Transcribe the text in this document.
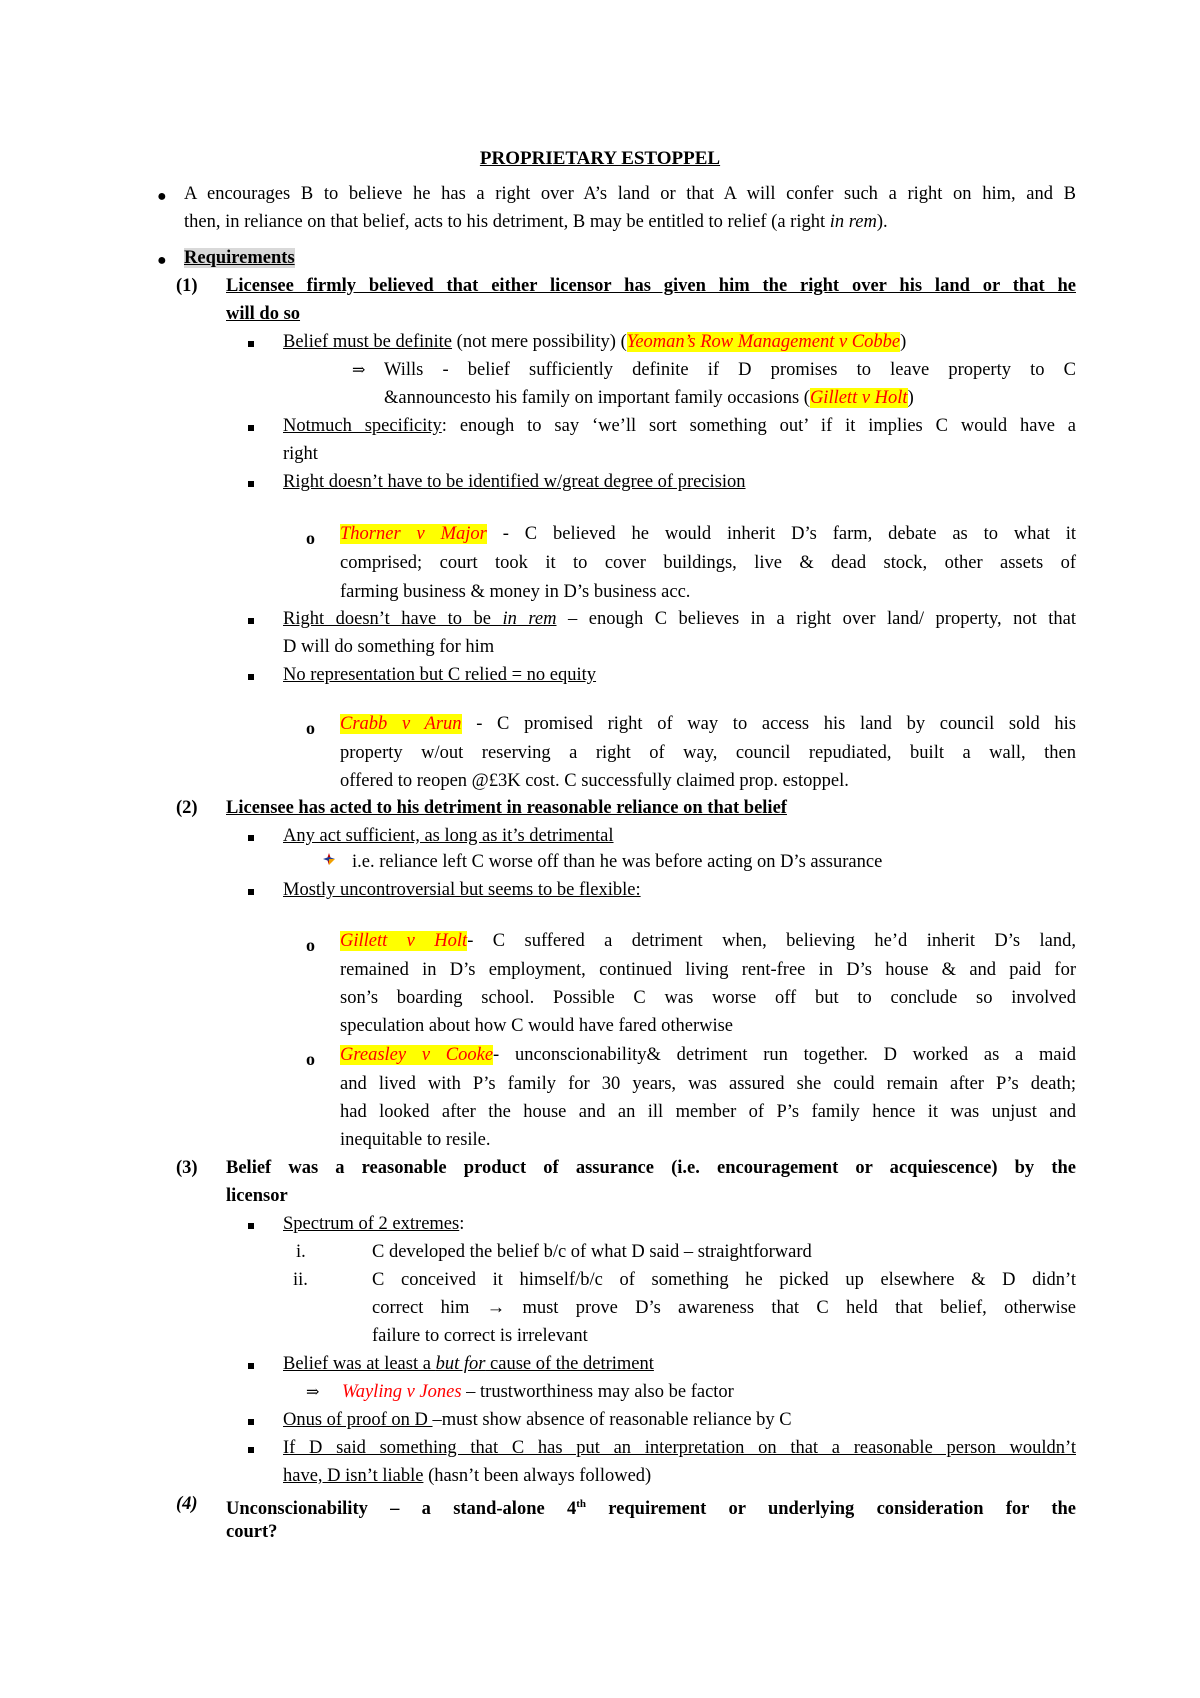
PROPRIETARY ESTOPPEL
● A encourages B to believe he has a right over A’s land or that A will confer such a right on him, and B
then, in reliance on that belief, acts to his detriment, B may be entitled to relief (a right in rem).
● Requirements
(1) Licensee firmly believed that either licensor has given him the right over his land or that he
will do so
Belief must be definite (not mere possibility) (Yeoman’s Row Management v Cobbe)
⇒ Wills - belief sufficiently definite if D promises to leave property to C
&announcesto his family on important family occasions (Gillett v Holt)
Notmuch specificity: enough to say ‘we’ll sort something out’ if it implies C would have a
right
Right doesn’t have to be identified w/great degree of precision
o Thorner v Major - C believed he would inherit D’s farm, debate as to what it
comprised; court took it to cover buildings, live & dead stock, other assets of
farming business & money in D’s business acc.
Right doesn’t have to be in rem – enough C believes in a right over land/ property, not that
D will do something for him
No representation but C relied = no equity
o Crabb v Arun - C promised right of way to access his land by council sold his
property w/out reserving a right of way, council repudiated, built a wall, then
offered to reopen @£3K cost. C successfully claimed prop. estoppel.
(2) Licensee has acted to his detriment in reasonable reliance on that belief
Any act sufficient, as long as it’s detrimental
i.e. reliance left C worse off than he was before acting on D’s assurance
Mostly uncontroversial but seems to be flexible:
o Gillett v Holt- C suffered a detriment when, believing he’d inherit D’s land,
remained in D’s employment, continued living rent-free in D’s house & and paid for
son’s boarding school. Possible C was worse off but to conclude so involved
speculation about how C would have fared otherwise
o Greasley v Cooke- unconscionability& detriment run together. D worked as a maid
and lived with P’s family for 30 years, was assured she could remain after P’s death;
had looked after the house and an ill member of P’s family hence it was unjust and
inequitable to resile.
(3) Belief was a reasonable product of assurance (i.e. encouragement or acquiescence) by the
licensor
Spectrum of 2 extremes:
i.	C developed the belief b/c of what D said – straightforward
ii.	C conceived it himself/b/c of something he picked up elsewhere & D didn’t
correct him → must prove D’s awareness that C held that belief, otherwise
failure to correct is irrelevant
Belief was at least a but for cause of the detriment
⇒ Wayling v Jones – trustworthiness may also be factor
Onus of proof on D –must show absence of reasonable reliance by C
If D said something that C has put an interpretation on that a reasonable person wouldn’t
have, D isn’t liable (hasn’t been always followed)
(4) Unconscionability – a stand-alone 4th requirement or underlying consideration for the
court?
